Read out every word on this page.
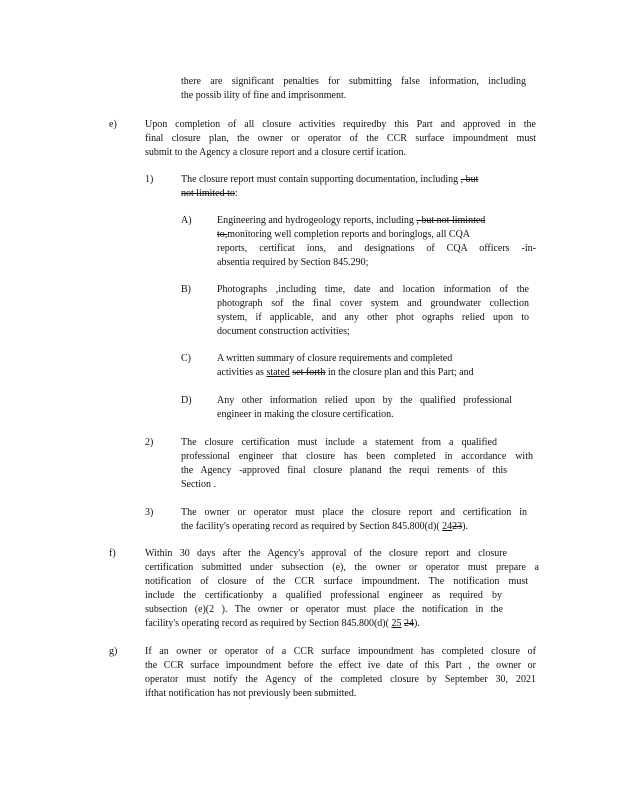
there are significant penalties for submitting false information, including
the possib ility of fine and imprisonment.
e)	Upon completion of all closure activities requiredby this Part and approved in the
final closure plan, the owner or operator of the CCR surface impoundment must
submit to the Agency a closure report and a closure certif ication.
1)	The closure report must contain supporting documentation, including , but
not limited to:
A)	Engineering and hydrogeology reports, including , but not liminted
to,monitoring well completion reports and boringlogs, all CQA
reports, certificat ions, and designations of CQA officers -in-
absentia required by Section 845.290;
B)	Photographs ,including time, date and location information of the
photograph sof the final cover system and groundwater collection
system, if applicable, and any other phot ographs relied upon to
document construction activities;
C)	A written summary of closure requirements and completed
activities as stated set forth in the closure plan and this Part; and
D)	Any other information relied upon by the qualified professional
engineer in making the closure certification.
2)	The closure certification must include a statement from a qualified
professional engineer that closure has been completed in accordance with
the Agency -approved final closure planand the requi rements of this
Section .
3)	The owner or operator must place the closure report and certification in
the facility's operating record as required by Section 845.800(d)( 2423).
f)	Within 30 days after the Agency's approval of the closure report and closure
certification submitted under subsection (e), the owner or operator must prepare a
notification of closure of the CCR surface impoundment. The notification must
include the certificationby a qualified professional engineer as required by
subsection (e)(2 ). The owner or operator must place the notification in the
facility's operating record as required by Section 845.800(d)( 25 24).
g)	If an owner or operator of a CCR surface impoundment has completed closure of
the CCR surface impoundment before the effect ive date of this Part , the owner or
operator must notify the Agency of the completed closure by September 30, 2021
ifthat notification has not previously been submitted.
